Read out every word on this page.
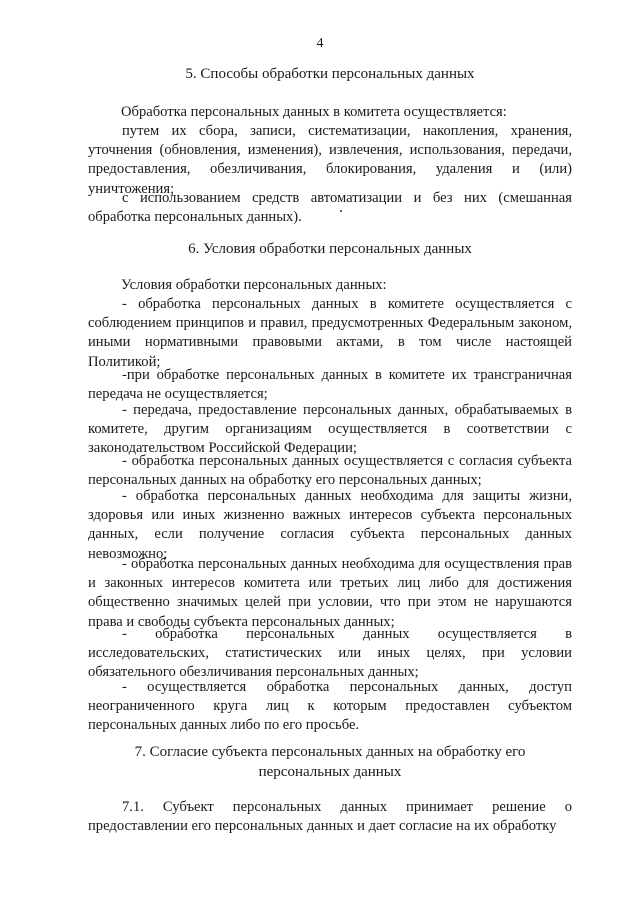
4
5. Способы обработки персональных данных

Обработка персональных данных в комитета осуществляется:

путем их сбора, записи, систематизации, накопления, хранения, уточнения (обновления, изменения), извлечения, использования, передачи, предоставления, обезличивания, блокирования, удаления и (или) уничтожения;

с использованием средств автоматизации и без них (смешанная обработка персональных данных).

6. Условия обработки персональных данных

Условия обработки персональных данных:

- обработка персональных данных в комитете осуществляется с соблюдением принципов и правил, предусмотренных Федеральным законом, иными нормативными правовыми актами, в том числе настоящей Политикой;

-при обработке персональных данных в комитете их трансграничная передача не осуществляется;

- передача, предоставление персональных данных, обрабатываемых в комитете, другим организациям осуществляется в соответствии с законодательством Российской Федерации;

- обработка персональных данных осуществляется с согласия субъекта персональных данных на обработку его персональных данных;

- обработка персональных данных необходима для защиты жизни, здоровья или иных жизненно важных интересов субъекта персональных данных, если получение согласия субъекта персональных данных невозможно;

- обработка персональных данных необходима для осуществления прав и законных интересов комитета или третьих лиц либо для достижения общественно значимых целей при условии, что при этом не нарушаются права и свободы субъекта персональных данных;

- обработка персональных данных осуществляется в исследовательских, статистических или иных целях, при условии обязательного обезличивания персональных данных;

- осуществляется обработка персональных данных, доступ неограниченного круга лиц к которым предоставлен субъектом персональных данных либо по его просьбе.

7. Согласие субъекта персональных данных на обработку его
персональных данных

7.1. Субъект персональных данных принимает решение о предоставлении его персональных данных и дает согласие на их обработку
